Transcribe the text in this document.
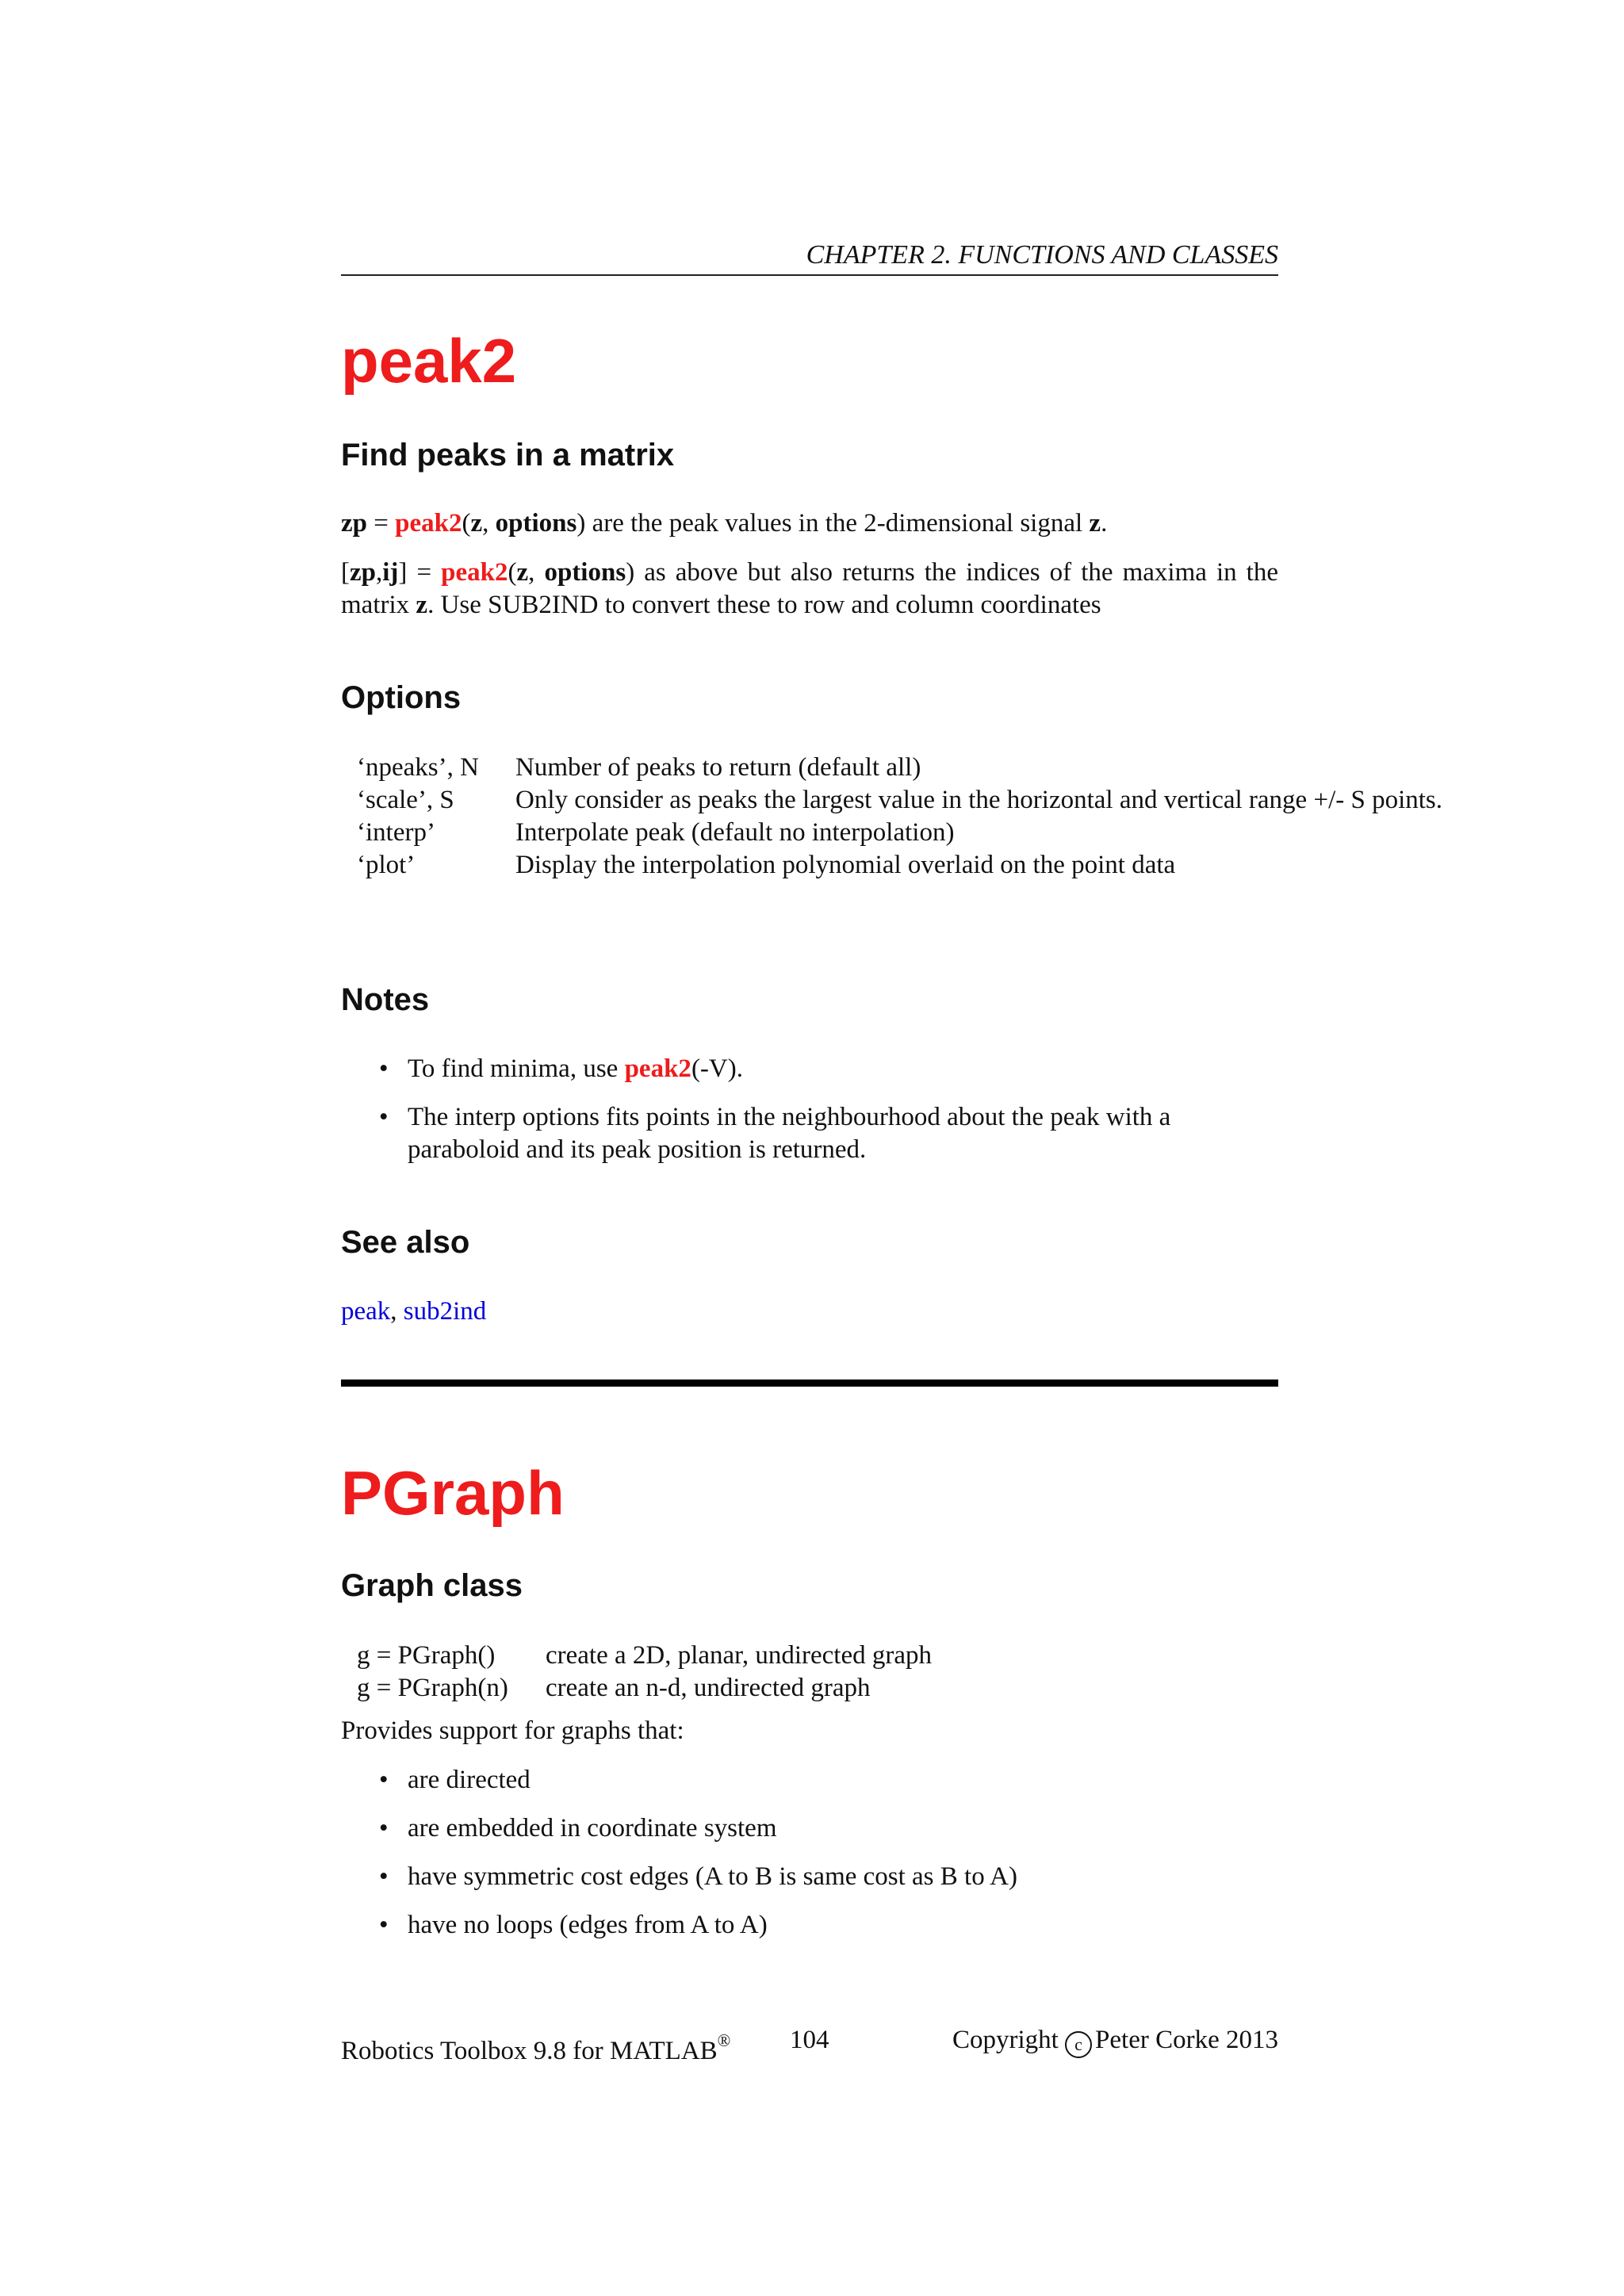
CHAPTER 2. FUNCTIONS AND CLASSES
peak2
Find peaks in a matrix

zp = peak2(z, options) are the peak values in the 2-dimensional signal z.

[zp,ij] = peak2(z, options) as above but also returns the indices of the maxima in the matrix z. Use SUB2IND to convert these to row and column coordinates

Options
‘npeaks’, N	Number of peaks to return (default all)
‘scale’, S	Only consider as peaks the largest value in the horizontal and vertical range +/- S points.
‘interp’	Interpolate peak (default no interpolation)
‘plot’	Display the interpolation polynomial overlaid on the point data
Notes
• To find minima, use peak2(-V).
• The interp options fits points in the neighbourhood about the peak with a paraboloid and its peak position is returned.
See also
peak, sub2ind
PGraph
Graph class
g = PGraph()	create a 2D, planar, undirected graph
g = PGraph(n)	create an n-d, undirected graph

Provides support for graphs that:

• are directed
• are embedded in coordinate system
• have symmetric cost edges (A to B is same cost as B to A)
• have no loops (edges from A to A)
Robotics Toolbox 9.8 for MATLAB® 104	Copyright c Peter Corke 2013
